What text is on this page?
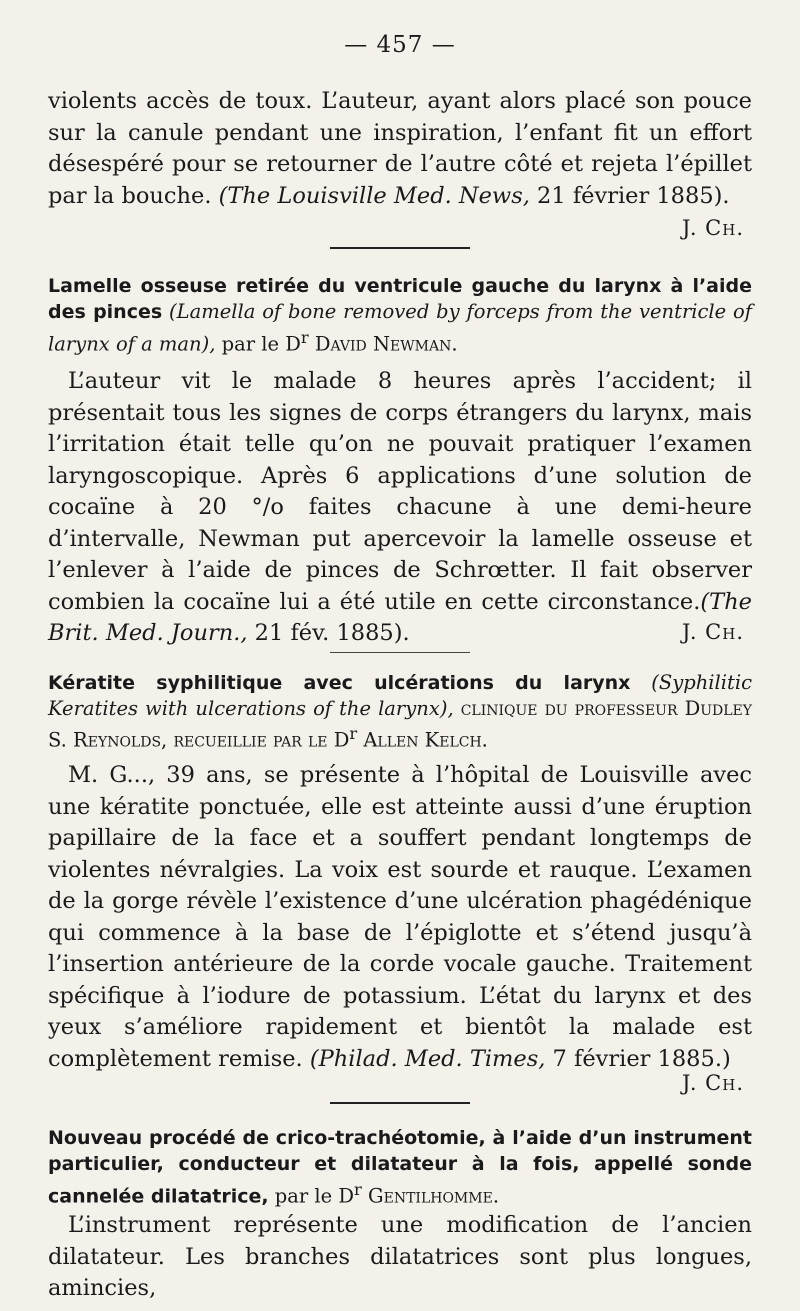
— 457 —

violents accès de toux. L’auteur, ayant alors placé son pouce sur la canule pendant une inspiration, l’enfant fit un effort désespéré pour se retourner de l’autre côté et rejeta l’épillet par la bouche. (The Louisville Med. News, 21 février 1885).

J. Ch.

Lamelle osseuse retirée du ventricule gauche du larynx à l’aide des pinces (Lamella of bone removed by forceps from the ventricle of larynx of a man), par le $D^r$ David Newman.

L’auteur vit le malade 8 heures après l’accident; il présentait tous les signes de corps étrangers du larynx, mais l’irritation était telle qu’on ne pouvait pratiquer l’examen laryngoscopique. Après 6 applications d’une solution de cocaïne à 20 °/o faites chacune à une demi-heure d’intervalle, Newman put apercevoir la lamelle osseuse et l’enlever à l’aide de pinces de Schrœtter. Il fait observer combien la cocaïne lui a été utile en cette circonstance.(The Brit. Med. Journ., 21 fév. 1885).	J. Ch.

Kératite syphilitique avec ulcérations du larynx (Syphilitic Keratites with ulcerations of the larynx), clinique du professeur Dudley S. Reynolds, recueillie par le $D^r$ Allen Kelch.

M. G..., 39 ans, se présente à l’hôpital de Louisville avec une kératite ponctuée, elle est atteinte aussi d’une éruption papillaire de la face et a souffert pendant longtemps de violentes névralgies. La voix est sourde et rauque. L’examen de la gorge révèle l’existence d’une ulcération phagédénique qui commence à la base de l’épiglotte et s’étend jusqu’à l’insertion antérieure de la corde vocale gauche. Traitement spécifique à l’iodure de potassium. L’état du larynx et des yeux s’améliore rapidement et bientôt la malade est complètement remise. (Philad. Med. Times, 7 février 1885.)

J. Ch.

Nouveau procédé de crico-trachéotomie, à l’aide d’un instrument particulier, conducteur et dilatateur à la fois, appellé sonde cannelée dilatatrice, par le $D^r$ Gentilhomme.

L’instrument représente une modification de l’ancien dilatateur. Les branches dilatatrices sont plus longues, amincies,
